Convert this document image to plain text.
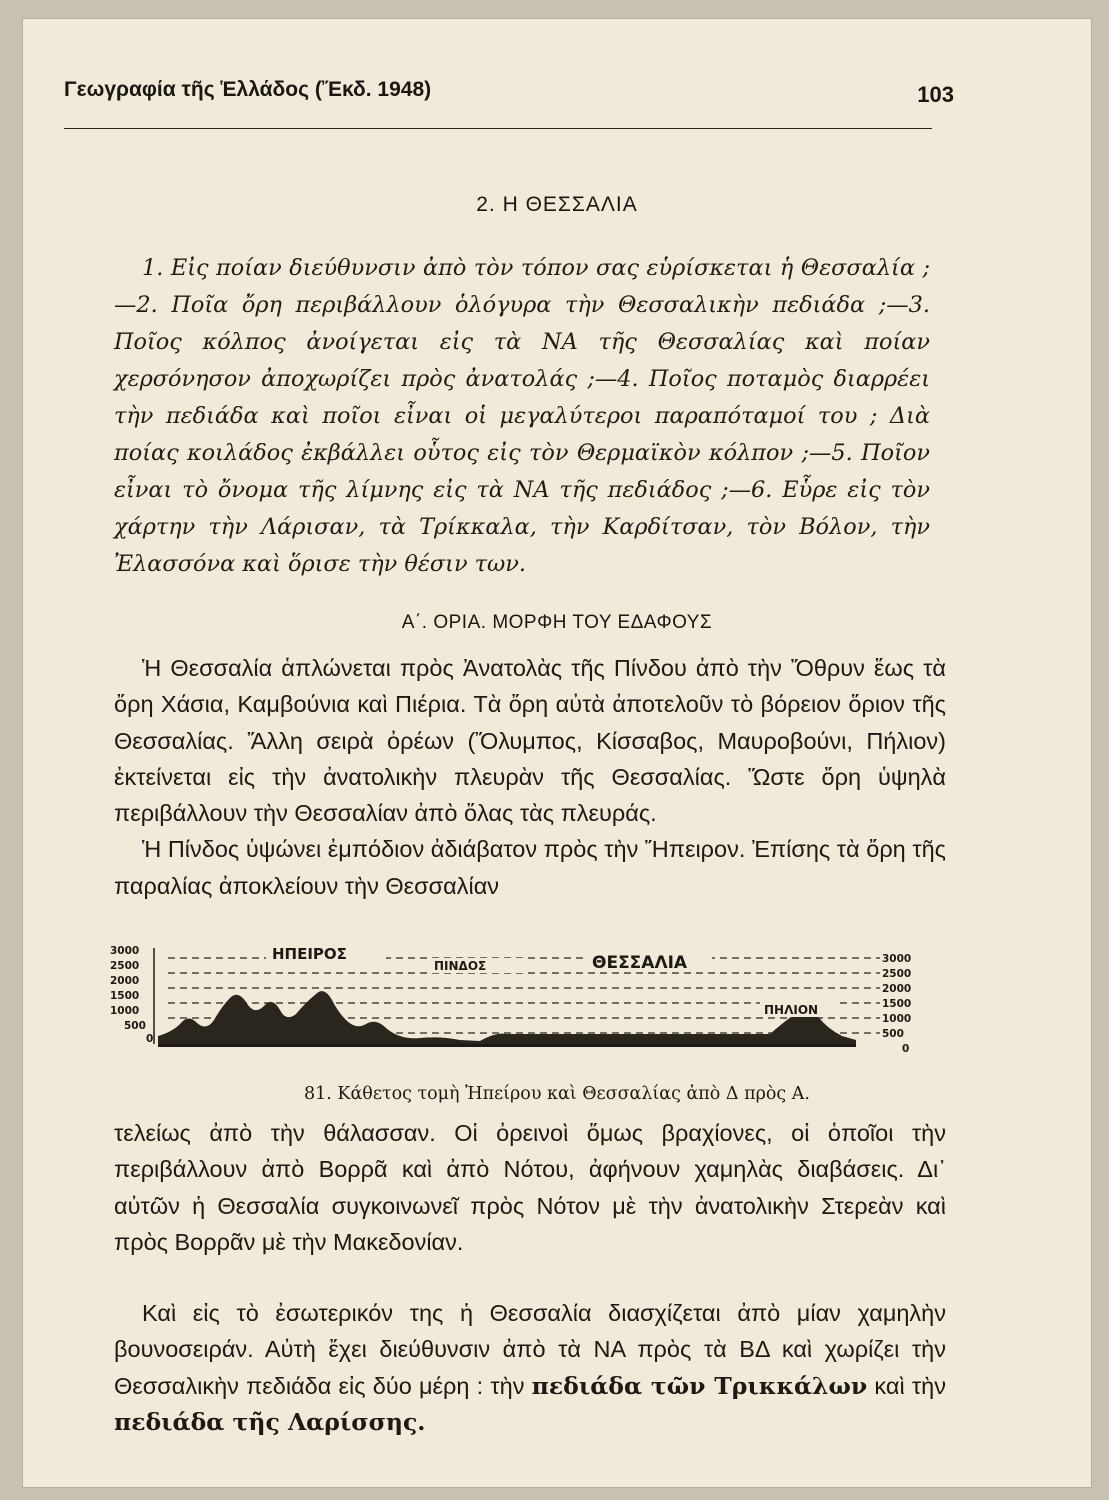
Γεωγραφία τῆς Ἑλλάδος (Ἔκδ. 1948)	103
2. Η ΘΕΣΣΑΛΙΑ

1. Εἰς ποίαν διεύθυνσιν ἀπὸ τὸν τόπον σας εὑρίσκεται ἡ Θεσσαλία ;—2. Ποῖα ὄρη περιβάλλουν ὁλόγυρα τὴν Θεσσαλικὴν πεδιάδα ;—3. Ποῖος κόλπος ἀνοίγεται εἰς τὰ ΝΑ τῆς Θεσσαλίας καὶ ποίαν χερσόνησον ἀποχωρίζει πρὸς ἀνατολάς ;—4. Ποῖος ποταμὸς διαρρέει τὴν πεδιάδα καὶ ποῖοι εἶναι οἱ μεγαλύτεροι παραπόταμοί του ; Διὰ ποίας κοιλάδος ἐκβάλλει οὗτος εἰς τὸν Θερμαϊκὸν κόλπον ;—5. Ποῖον εἶναι τὸ ὄνομα τῆς λίμνης εἰς τὰ ΝΑ τῆς πεδιάδος ;—6. Εὗρε εἰς τὸν χάρτην τὴν Λάρισαν, τὰ Τρίκκαλα, τὴν Καρδίτσαν, τὸν Βόλον, τὴν Ἐλασσόνα καὶ ὅρισε τὴν θέσιν των.

Α΄. ΟΡΙΑ. ΜΟΡΦΗ ΤΟΥ ΕΔΑΦΟΥΣ

Ἡ Θεσσαλία ἁπλώνεται πρὸς Ἀνατολὰς τῆς Πίνδου ἀπὸ τὴν Ὄθρυν ἕως τὰ ὄρη Χάσια, Καμβούνια καὶ Πιέρια. Τὰ ὄρη αὐτὰ ἀποτελοῦν τὸ βόρειον ὅριον τῆς Θεσσαλίας. Ἄλλη σειρὰ ὀρέων (Ὄλυμπος, Κίσσαβος, Μαυροβούνι, Πήλιον) ἐκτείνεται εἰς τὴν ἀνατολικὴν πλευρὰν τῆς Θεσσαλίας. Ὥστε ὄρη ὑψηλὰ περιβάλλουν τὴν Θεσσαλίαν ἀπὸ ὅλας τὰς πλευράς.

Ἡ Πίνδος ὑψώνει ἐμπόδιον ἀδιάβατον πρὸς τὴν Ἤπειρον. Ἐπίσης τὰ ὄρη τῆς παραλίας ἀποκλείουν τὴν Θεσσαλίαν

3000
2500
2000
1500
1000
500
0
3000
2500
2000
1500
1000
500
0
ΗΠΕΙΡΟΣ
ΠΙΝΔΟΣ	ΘΕΣΣΑΛΙΑ
ΠΗΛΙΟΝ
81. Κάθετος τομὴ Ἠπείρου καὶ Θεσσαλίας ἀπὸ Δ πρὸς Α.

τελείως ἀπὸ τὴν θάλασσαν. Οἱ ὀρεινοὶ ὅμως βραχίονες, οἱ ὁποῖοι τὴν περιβάλλουν ἀπὸ Βορρᾶ καὶ ἀπὸ Νότου, ἀφήνουν χαμηλὰς διαβάσεις. Δι᾿ αὐτῶν ἡ Θεσσαλία συγκοινωνεῖ πρὸς Νότον μὲ τὴν ἀνατολικὴν Στερεὰν καὶ πρὸς Βορρᾶν μὲ τὴν Μακεδονίαν.

Καὶ εἰς τὸ ἐσωτερικόν της ἡ Θεσσαλία διασχίζεται ἀπὸ μίαν χαμηλὴν βουνοσειράν. Αὐτὴ ἔχει διεύθυνσιν ἀπὸ τὰ ΝΑ πρὸς τὰ ΒΔ καὶ χωρίζει τὴν Θεσσαλικὴν πεδιάδα εἰς δύο μέρη : τὴν πεδιάδα τῶν Τρικκάλων καὶ τὴν πεδιάδα τῆς Λαρίσσης.
